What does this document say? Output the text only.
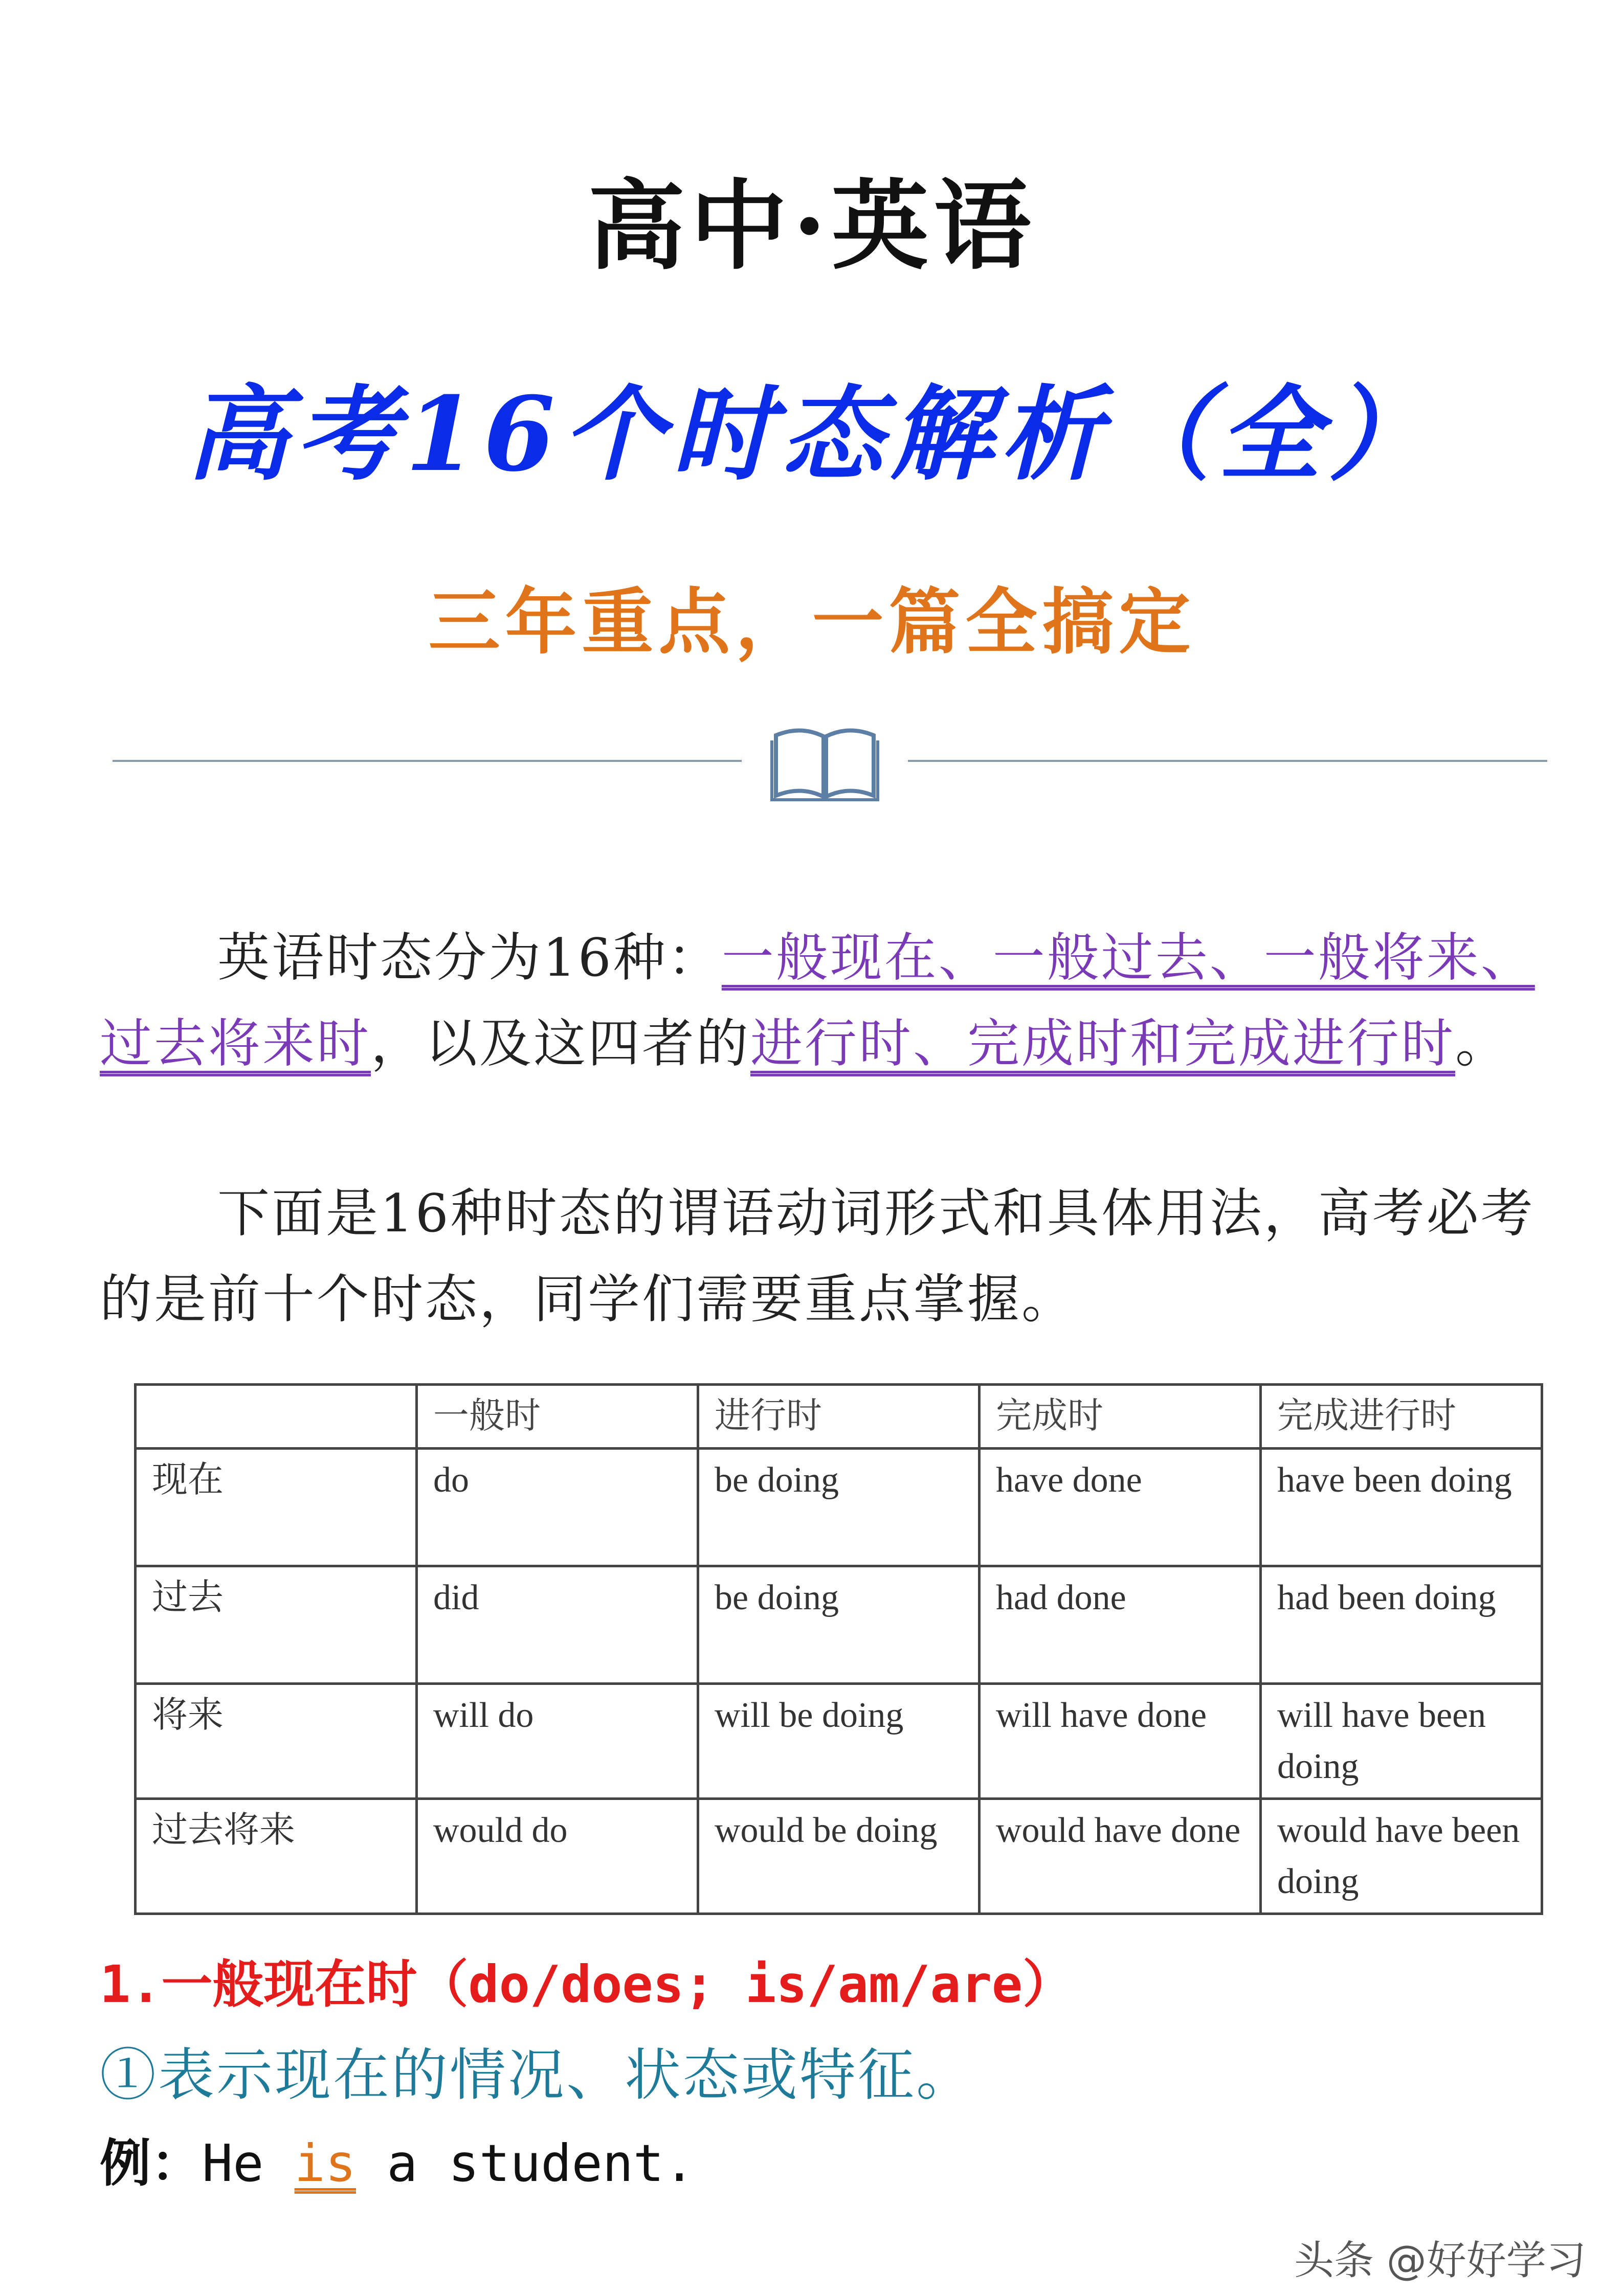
高中·英语
高考16个时态解析（全）
三年重点，一篇全搞定
英语时态分为16种：一般现在、一般过去、一般将来、过去将来时，以及这四者的进行时、完成时和完成进行时。
下面是16种时态的谓语动词形式和具体用法，高考必考的是前十个时态，同学们需要重点掌握。
	一般时	进行时	完成时	完成进行时
现在	do	be doing	have done	have been doing
过去	did	be doing	had done	had been doing
将来	will do	will be doing	will have done	will have been doing
过去将来	would do	would be doing	would have done	would have been doing
1.一般现在时（do/does; is/am/are）
①表示现在的情况、状态或特征。
例：He is a student.
头条 @好好学习
